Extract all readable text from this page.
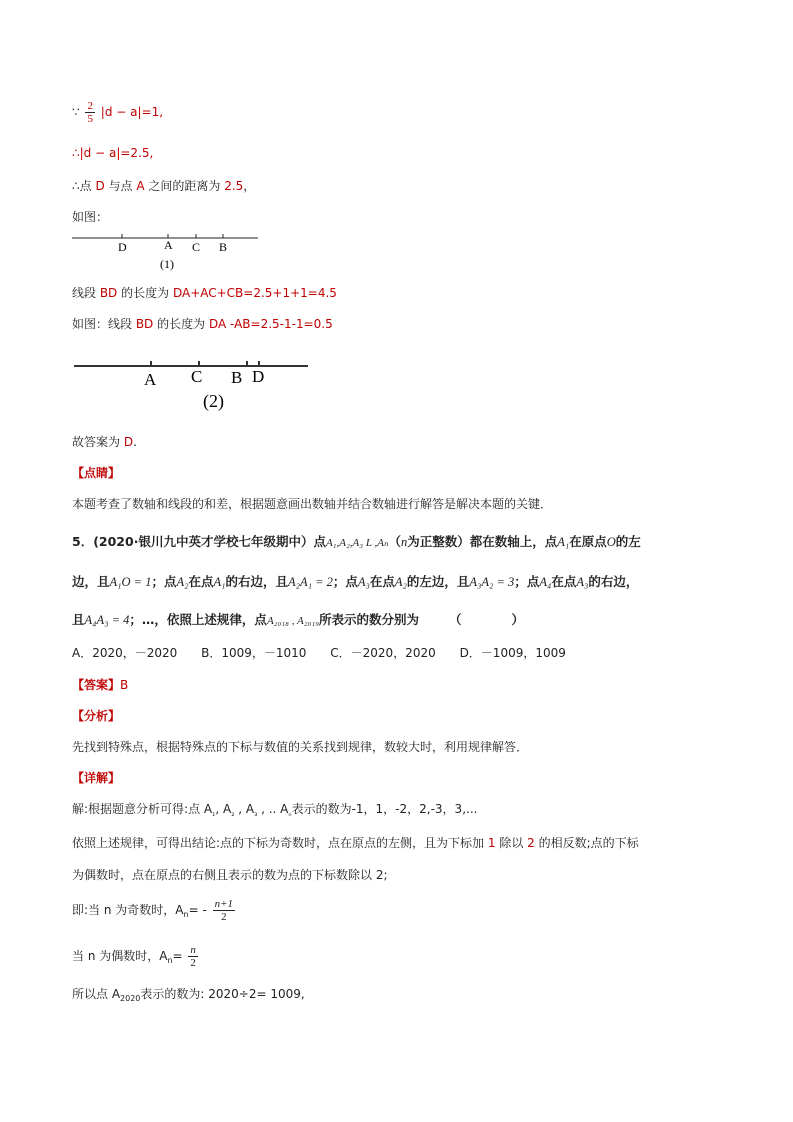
∵ $\frac{2}{5} |d - a|=1$,
∴|d − a|=2.5,
∴点 D 与点 A 之间的距离为 2.5，
如图：
D	A C B
(1)
线段 BD 的长度为 DA+AC+CB=2.5+1+1=4.5
如图：线段 BD 的长度为 DA -AB=2.5-1-1=0.5
A C B D
(2)
故答案为 D.
【点睛】
本题考查了数轴和线段的和差，根据题意画出数轴并结合数轴进行解答是解决本题的关键．
5．(2020·银川九中英才学校七年级期中）点A₁,A₂,A₃ L ,Aₙ（n为正整数）都在数轴上，点A₁在原点O的左
边，且A₁O = 1；点A₂在点A₁的右边，且A₂A₁ = 2；点A₃在点A₂的左边，且A₃A₂ = 3；点A₄在点A₃的右边，
且A₄A₃ = 4；…，依照上述规律，点A₂₀₁₈ , A₂₀₁₉所表示的数分别为 （　　　　）
A．2020，－2020 B．1009，－1010 C．－2020，2020 D．－1009，1009
【答案】B
【分析】
先找到特殊点，根据特殊点的下标与数值的关系找到规律，数较大时，利用规律解答．
【详解】
解:根据题意分析可得:点 $A_{_1}$, $A_{_2}$ , $A_{_3}$ , .. $A_{_n}$表示的数为-1，1，-2，2,-3，3,...
依照上述规律，可得出结论:点的下标为奇数时，点在原点的左侧，且为下标加 1 除以 2 的相反数;点的下标
为偶数时，点在原点的右侧且表示的数为点的下标数除以 2;
即:当 n 为奇数时，$A_n= - \frac{n+1}{2}$
当 n 为偶数时，$A_n= \frac{n}{2}$
所以点 $A_{2020}$表示的数为: 2020÷2= 1009,
